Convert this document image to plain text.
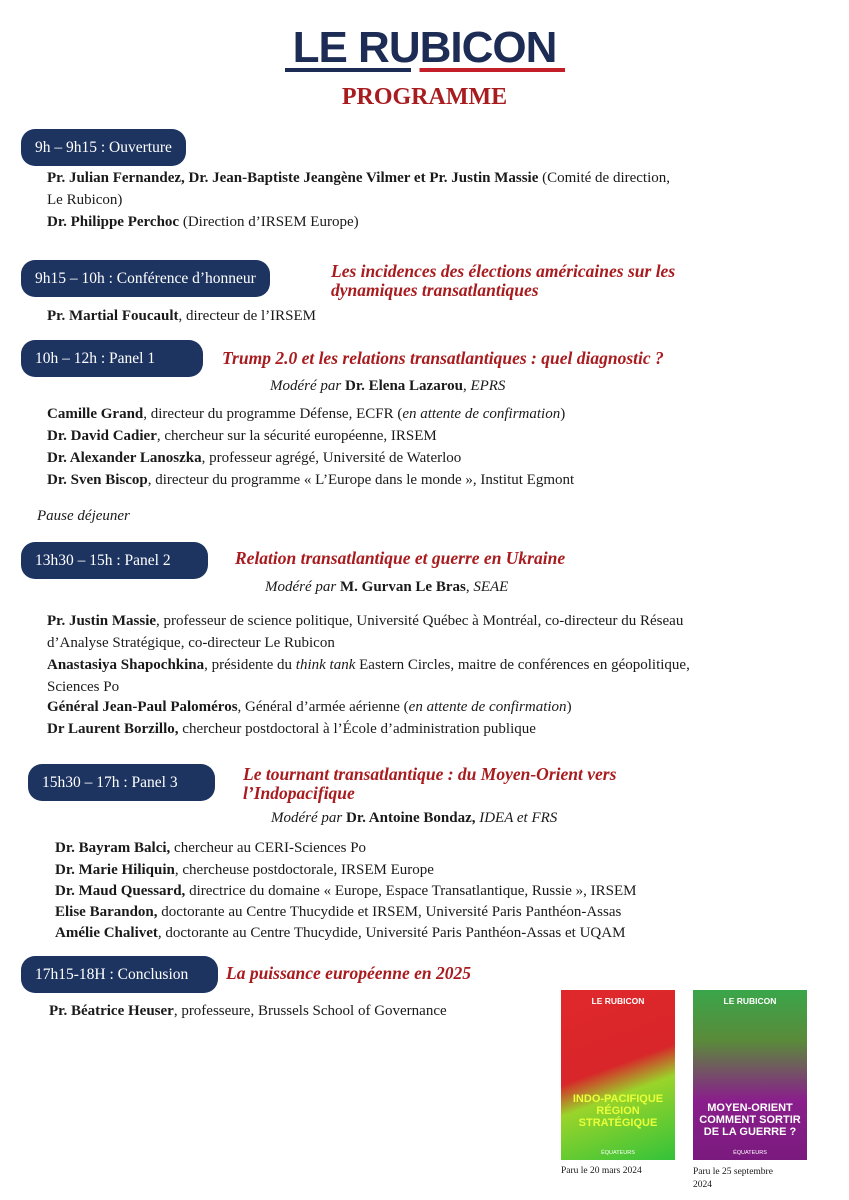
LE RUBICON
PROGRAMME
9h – 9h15 : Ouverture
Pr. Julian Fernandez, Dr. Jean-Baptiste Jeangène Vilmer et Pr. Justin Massie (Comité de direction,
Le Rubicon)
Dr. Philippe Perchoc (Direction d’IRSEM Europe)
9h15 – 10h : Conférence d’honneur	Les incidences des élections américaines sur les
dynamiques transatlantiques
Pr. Martial Foucault, directeur de l’IRSEM
10h – 12h : Panel 1	Trump 2.0 et les relations transatlantiques : quel diagnostic ?
Modéré par Dr. Elena Lazarou, EPRS
Camille Grand, directeur du programme Défense, ECFR (en attente de confirmation)
Dr. David Cadier, chercheur sur la sécurité européenne, IRSEM
Dr. Alexander Lanoszka, professeur agrégé, Université de Waterloo
Dr. Sven Biscop, directeur du programme « L’Europe dans le monde », Institut Egmont
Pause déjeuner
13h30 – 15h : Panel 2	Relation transatlantique et guerre en Ukraine
Modéré par M. Gurvan Le Bras, SEAE
Pr. Justin Massie, professeur de science politique, Université Québec à Montréal, co-directeur du Réseau
d’Analyse Stratégique, co-directeur Le Rubicon
Anastasiya Shapochkina, présidente du think tank Eastern Circles, maitre de conférences en géopolitique,
Sciences Po
Général Jean-Paul Paloméros, Général d’armée aérienne (en attente de confirmation)
Dr Laurent Borzillo, chercheur postdoctoral à l’École d’administration publique
15h30 – 17h : Panel 3	Le tournant transatlantique : du Moyen-Orient vers
l’Indopacifique
Modéré par Dr. Antoine Bondaz, IDEA et FRS
Dr. Bayram Balci, chercheur au CERI-Sciences Po
Dr. Marie Hiliquin, chercheuse postdoctorale, IRSEM Europe
Dr. Maud Quessard, directrice du domaine « Europe, Espace Transatlantique, Russie », IRSEM
Elise Barandon, doctorante au Centre Thucydide et IRSEM, Université Paris Panthéon-Assas
Amélie Chalivet, doctorante au Centre Thucydide, Université Paris Panthéon-Assas et UQAM
17h15-18H : Conclusion	La puissance européenne en 2025
Pr. Béatrice Heuser, professeure, Brussels School of Governance
LE RUBICON
INDO-PACIFIQUE
RÉGION STRATÉGIQUE
ÉQUATEURS
Paru le 20 mars 2024
LE RUBICON
MOYEN-ORIENT
COMMENT SORTIR
DE LA GUERRE ?
ÉQUATEURS
Paru le 25 septembre
2024
